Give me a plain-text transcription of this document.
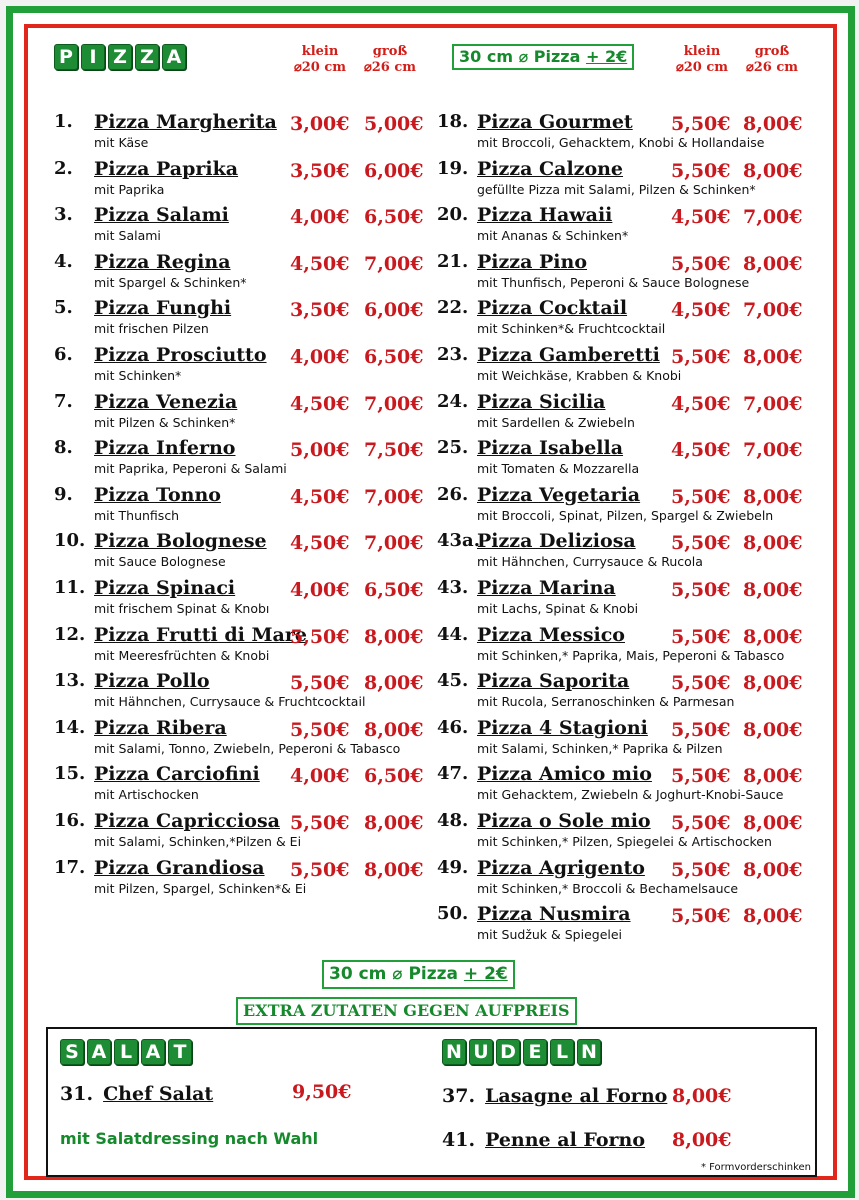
P I Z Z A	klein
⌀20 cm
groß
⌀26 cm
30 cm ⌀ Pizza + 2€	klein
⌀20 cm
groß
⌀26 cm
1. Pizza Margherita
mit Käse
3,00€ 5,00€
2. Pizza Paprika
mit Paprika
3,50€ 6,00€
3. Pizza Salami
mit Salami
4,00€ 6,50€
4. Pizza Regina
mit Spargel & Schinken*
4,50€ 7,00€
5. Pizza Funghi
mit frischen Pilzen
3,50€ 6,00€
6. Pizza Prosciutto
mit Schinken*
4,00€ 6,50€
7. Pizza Venezia
mit Pilzen & Schinken*
4,50€ 7,00€
8. Pizza Inferno
mit Paprika, Peperoni & Salami
5,00€ 7,50€
9. Pizza Tonno
mit Thunfisch
4,50€ 7,00€
10. Pizza Bolognese
mit Sauce Bolognese
4,50€ 7,00€
11. Pizza Spinaci
mit frischem Spinat & Knobı
4,00€ 6,50€
12. Pizza Frutti di Mare
mit Meeresfrüchten & Knobi
5,50€ 8,00€
13. Pizza Pollo
mit Hähnchen, Currysauce & Fruchtcocktail
5,50€ 8,00€
14. Pizza Ribera
mit Salami, Tonno, Zwiebeln, Peperoni & Tabasco
5,50€ 8,00€
15. Pizza Carciofini
mit Artischocken
4,00€ 6,50€
16. Pizza Capricciosa
mit Salami, Schinken,*Pilzen & Ei
5,50€ 8,00€
17. Pizza Grandiosa
mit Pilzen, Spargel, Schinken*& Ei
5,50€ 8,00€
18. Pizza Gourmet
mit Broccoli, Gehacktem, Knobi & Hollandaise
5,50€ 8,00€
19. Pizza Calzone
gefüllte Pizza mit Salami, Pilzen & Schinken*
5,50€ 8,00€
20. Pizza Hawaii
mit Ananas & Schinken*
4,50€ 7,00€
21. Pizza Pino
mit Thunfisch, Peperoni & Sauce Bolognese
5,50€ 8,00€
22. Pizza Cocktail
mit Schinken*& Fruchtcocktail
4,50€ 7,00€
23. Pizza Gamberetti
mit Weichkäse, Krabben & Knobi
5,50€ 8,00€
24. Pizza Sicilia
mit Sardellen & Zwiebeln
4,50€ 7,00€
25. Pizza Isabella
mit Tomaten & Mozzarella
4,50€ 7,00€
26. Pizza Vegetaria
mit Broccoli, Spinat, Pilzen, Spargel & Zwiebeln
5,50€ 8,00€
43a.
Pizza Deliziosa
mit Hähnchen, Currysauce & Rucola
5,50€ 8,00€
43. Pizza Marina
mit Lachs, Spinat & Knobi
5,50€ 8,00€
44. Pizza Messico
mit Schinken,* Paprika, Mais, Peperoni & Tabasco
5,50€ 8,00€
45. Pizza Saporita
mit Rucola, Serranoschinken & Parmesan
5,50€ 8,00€
46. Pizza 4 Stagioni
mit Salami, Schinken,* Paprika & Pilzen
5,50€ 8,00€
47. Pizza Amico mio
mit Gehacktem, Zwiebeln & Joghurt-Knobi-Sauce
5,50€ 8,00€
48. Pizza o Sole mio
mit Schinken,* Pilzen, Spiegelei & Artischocken
5,50€ 8,00€
49. Pizza Agrigento
mit Schinken,* Broccoli & Bechamelsauce
5,50€ 8,00€
50. Pizza Nusmira
mit Sudžuk & Spiegelei
5,50€ 8,00€
30 cm ⌀ Pizza + 2€
EXTRA ZUTATEN GEGEN AUFPREIS
S A L A T	N U D E L N
31. Chef Salat	9,50€
mit Salatdressing nach Wahl
37. Lasagne al Forno 8,00€
41. Penne al Forno 8,00€
* Formvorderschinken
